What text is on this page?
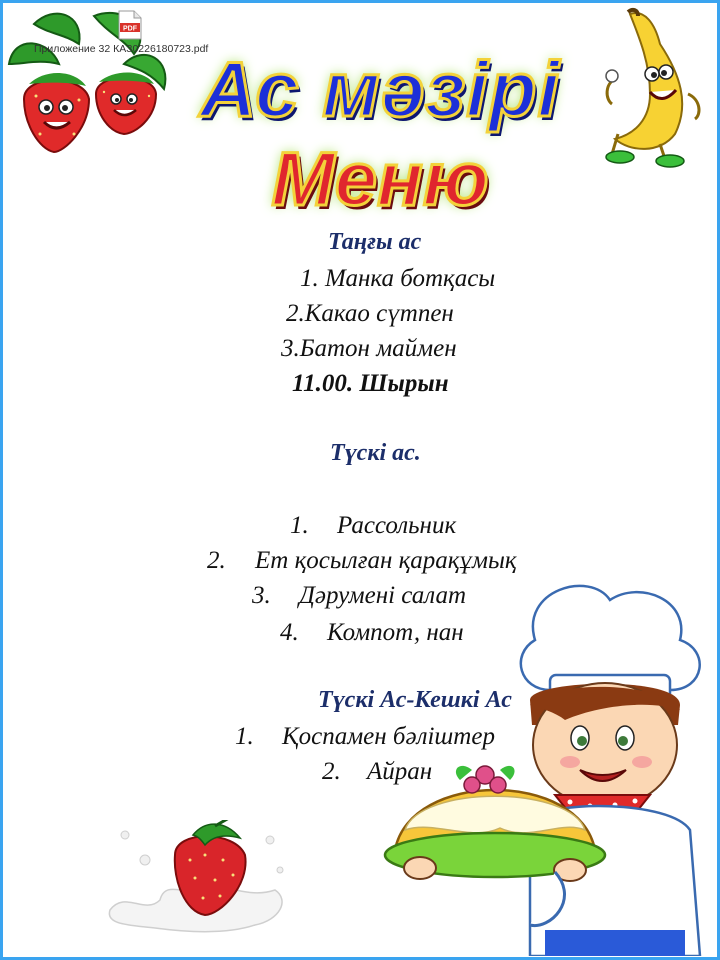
PDF
Приложение 32 КАЗ0226180723.pdf
Ас мәзірі
Меню
Таңғы ас
1. Манка ботқасы
2.Какао сүтпен
3.Батон маймен
11.00. Шырын
Түскі ас.
1. Рассольник
2. Ет қосылған қарақұмық
3. Дәрумені салат
4. Компот, нан
Түскі Ас-Кешкі Ас
1. Қоспамен бәліштер
2. Айран
